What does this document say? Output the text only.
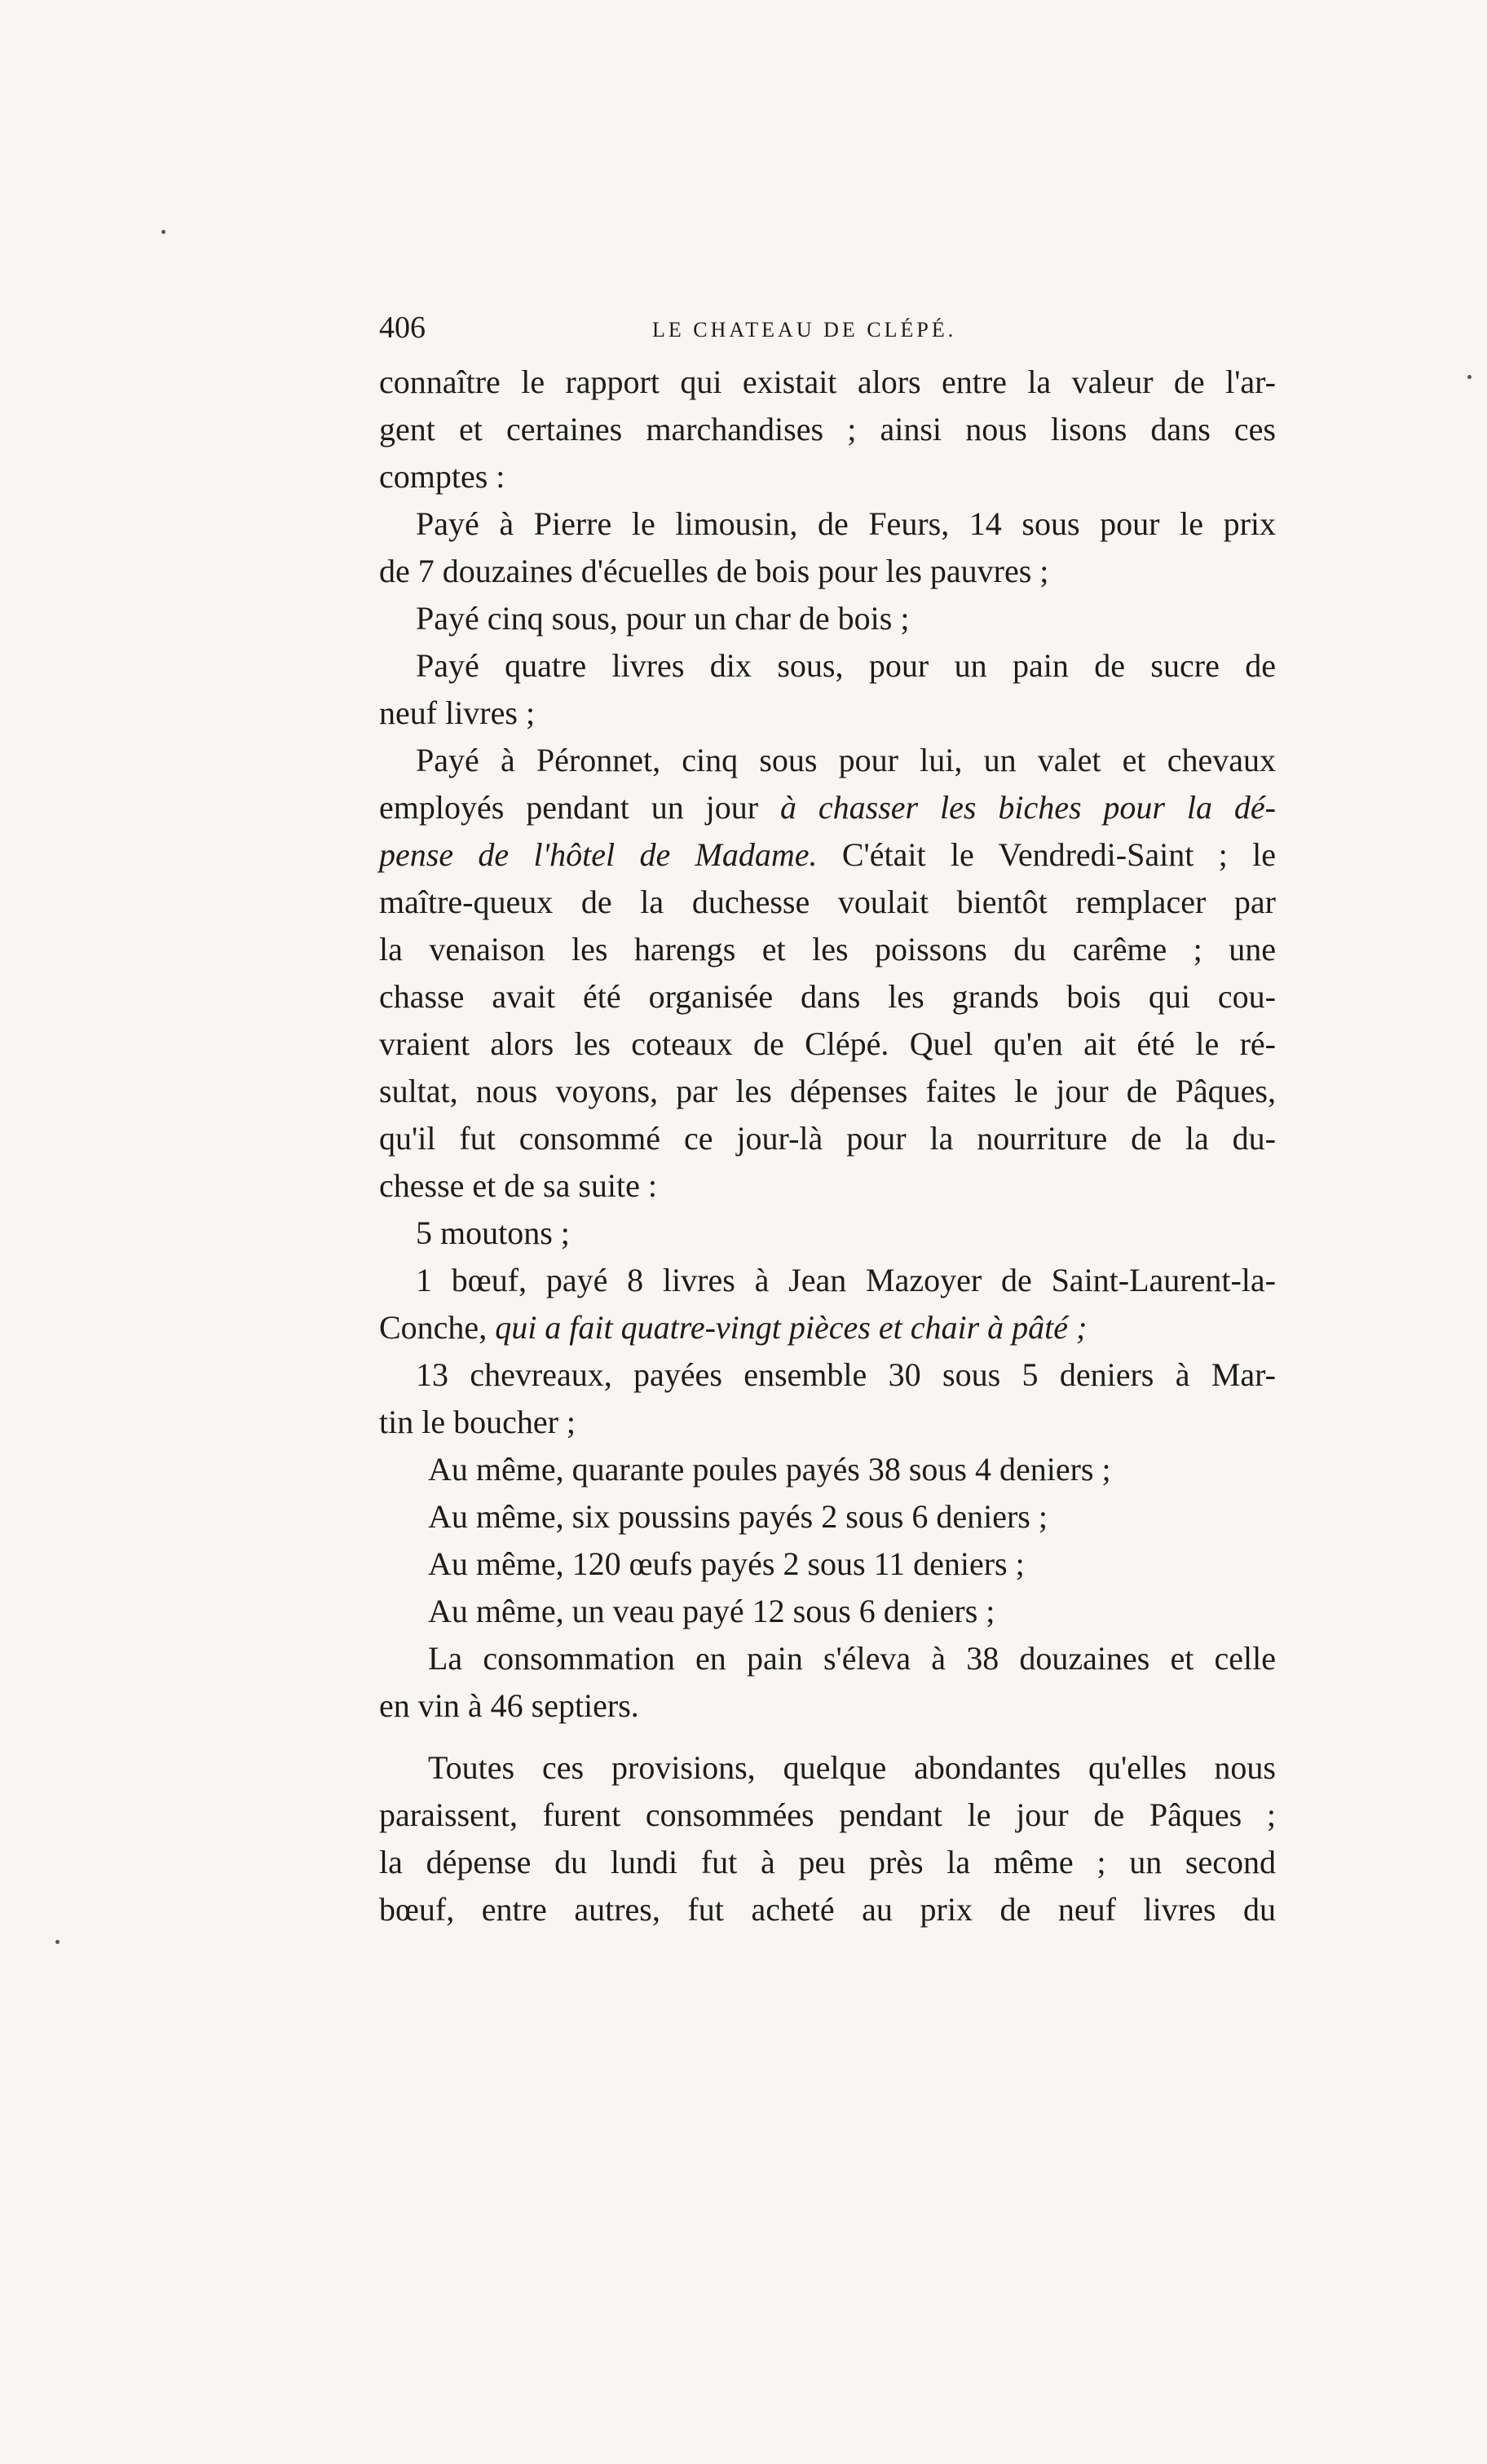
406	LE CHATEAU DE CLÉPÉ.
connaître le rapport qui existait alors entre la valeur de l'ar-
gent et certaines marchandises ; ainsi nous lisons dans ces
comptes :
Payé à Pierre le limousin, de Feurs, 14 sous pour le prix
de 7 douzaines d'écuelles de bois pour les pauvres ;
Payé cinq sous, pour un char de bois ;
Payé quatre livres dix sous, pour un pain de sucre de
neuf livres ;
Payé à Péronnet, cinq sous pour lui, un valet et chevaux
employés pendant un jour à chasser les biches pour la dé-
pense de l'hôtel de Madame. C'était le Vendredi-Saint ; le
maître-queux de la duchesse voulait bientôt remplacer par
la venaison les harengs et les poissons du carême ; une
chasse avait été organisée dans les grands bois qui cou-
vraient alors les coteaux de Clépé. Quel qu'en ait été le ré-
sultat, nous voyons, par les dépenses faites le jour de Pâques,
qu'il fut consommé ce jour-là pour la nourriture de la du-
chesse et de sa suite :
5 moutons ;
1 bœuf, payé 8 livres à Jean Mazoyer de Saint-Laurent-la-
Conche, qui a fait quatre-vingt pièces et chair à pâté ;
13 chevreaux, payées ensemble 30 sous 5 deniers à Mar-
tin le boucher ;
Au même, quarante poules payés 38 sous 4 deniers ;
Au même, six poussins payés 2 sous 6 deniers ;
Au même, 120 œufs payés 2 sous 11 deniers ;
Au même, un veau payé 12 sous 6 deniers ;
La consommation en pain s'éleva à 38 douzaines et celle
en vin à 46 septiers.
Toutes ces provisions, quelque abondantes qu'elles nous
paraissent, furent consommées pendant le jour de Pâques ;
la dépense du lundi fut à peu près la même ; un second
bœuf, entre autres, fut acheté au prix de neuf livres du
